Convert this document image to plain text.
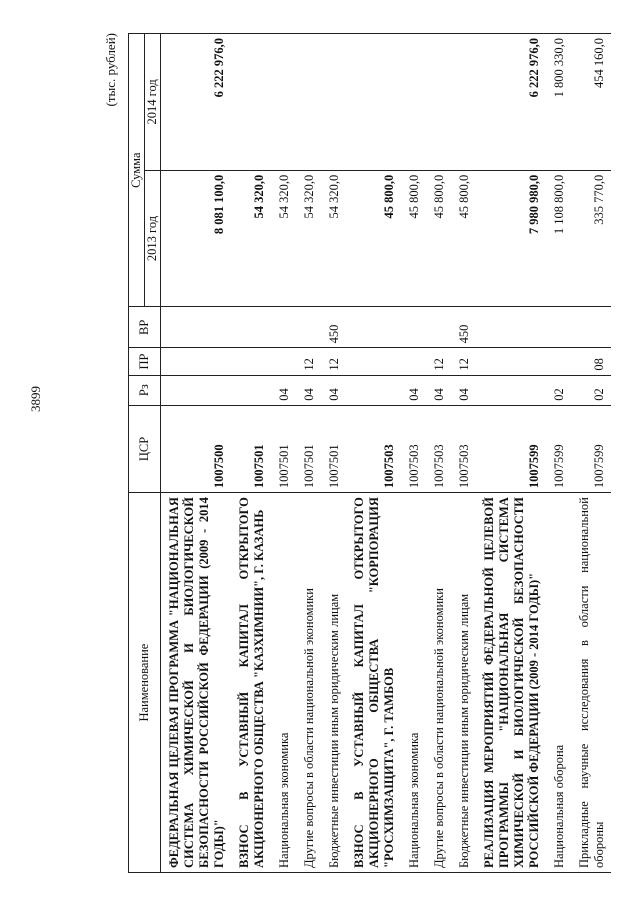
3899
(тыс. рублей)
Наименование	ЦСР	Рз	ПР	ВР	Сумма	
					2013 год	2014 год
ФЕДЕРАЛЬНАЯ ЦЕЛЕВАЯ ПРОГРАММА "НАЦИОНАЛЬНАЯ СИСТЕМА ХИМИЧЕСКОЙ И БИОЛОГИЧЕСКОЙ БЕЗОПАСНОСТИ РОССИЙСКОЙ ФЕДЕРАЦИИ (2009 - 2014 ГОДЫ)"	1007500				8 081 100,0	6 222 976,0
ВЗНОС В УСТАВНЫЙ КАПИТАЛ ОТКРЫТОГО АКЦИОНЕРНОГО ОБЩЕСТВА "КАЗХИМНИИ", Г. КАЗАНЬ	1007501				54 320,0	
Национальная экономика	1007501	04			54 320,0	
Другие вопросы в области национальной экономики	1007501	04	12		54 320,0	
Бюджетные инвестиции иным юридическим лицам	1007501	04	12	450	54 320,0	
ВЗНОС В УСТАВНЫЙ КАПИТАЛ ОТКРЫТОГО АКЦИОНЕРНОГО ОБЩЕСТВА "КОРПОРАЦИЯ "РОСХИМЗАЩИТА", Г. ТАМБОВ	1007503				45 800,0	
Национальная экономика	1007503	04			45 800,0	
Другие вопросы в области национальной экономики	1007503	04	12		45 800,0	
Бюджетные инвестиции иным юридическим лицам	1007503	04	12	450	45 800,0	
РЕАЛИЗАЦИЯ МЕРОПРИЯТИЙ ФЕДЕРАЛЬНОЙ ЦЕЛЕВОЙ ПРОГРАММЫ "НАЦИОНАЛЬНАЯ СИСТЕМА ХИМИЧЕСКОЙ И БИОЛОГИЧЕСКОЙ БЕЗОПАСНОСТИ РОССИЙСКОЙ ФЕДЕРАЦИИ (2009 - 2014 ГОДЫ)"	1007599				7 980 980,0	6 222 976,0
Национальная оборона	1007599	02			1 108 800,0	1 800 330,0
Прикладные научные исследования в области национальной обороны	1007599	02	08		335 770,0	454 160,0
